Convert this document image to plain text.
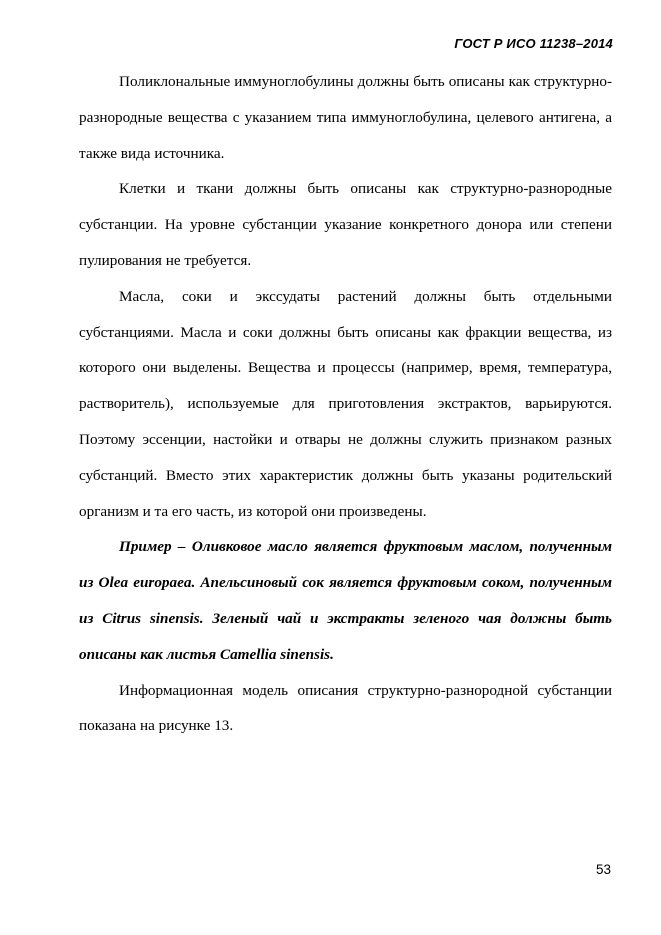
ГОСТ Р ИСО 11238–2014

Поликлональные иммуноглобулины должны быть описаны как структурно-разнородные вещества с указанием типа иммуноглобулина, целевого антигена, а также вида источника.

Клетки и ткани должны быть описаны как структурно-разнородные субстанции. На уровне субстанции указание конкретного донора или степени пулирования не требуется.

Масла, соки и экссудаты растений должны быть отдельными субстанциями. Масла и соки должны быть описаны как фракции вещества, из которого они выделены. Вещества и процессы (например, время, температура, растворитель), используемые для приготовления экстрактов, варьируются. Поэтому эссенции, настойки и отвары не должны служить признаком разных субстанций. Вместо этих характеристик должны быть указаны родительский организм и та его часть, из которой они произведены.

Пример – Оливковое масло является фруктовым маслом, полученным из Olea europaea. Апельсиновый сок является фруктовым соком, полученным из Citrus sinensis. Зеленый чай и экстракты зеленого чая должны быть описаны как листья Camellia sinensis.

Информационная модель описания структурно-разнородной субстанции показана на рисунке 13.

53
